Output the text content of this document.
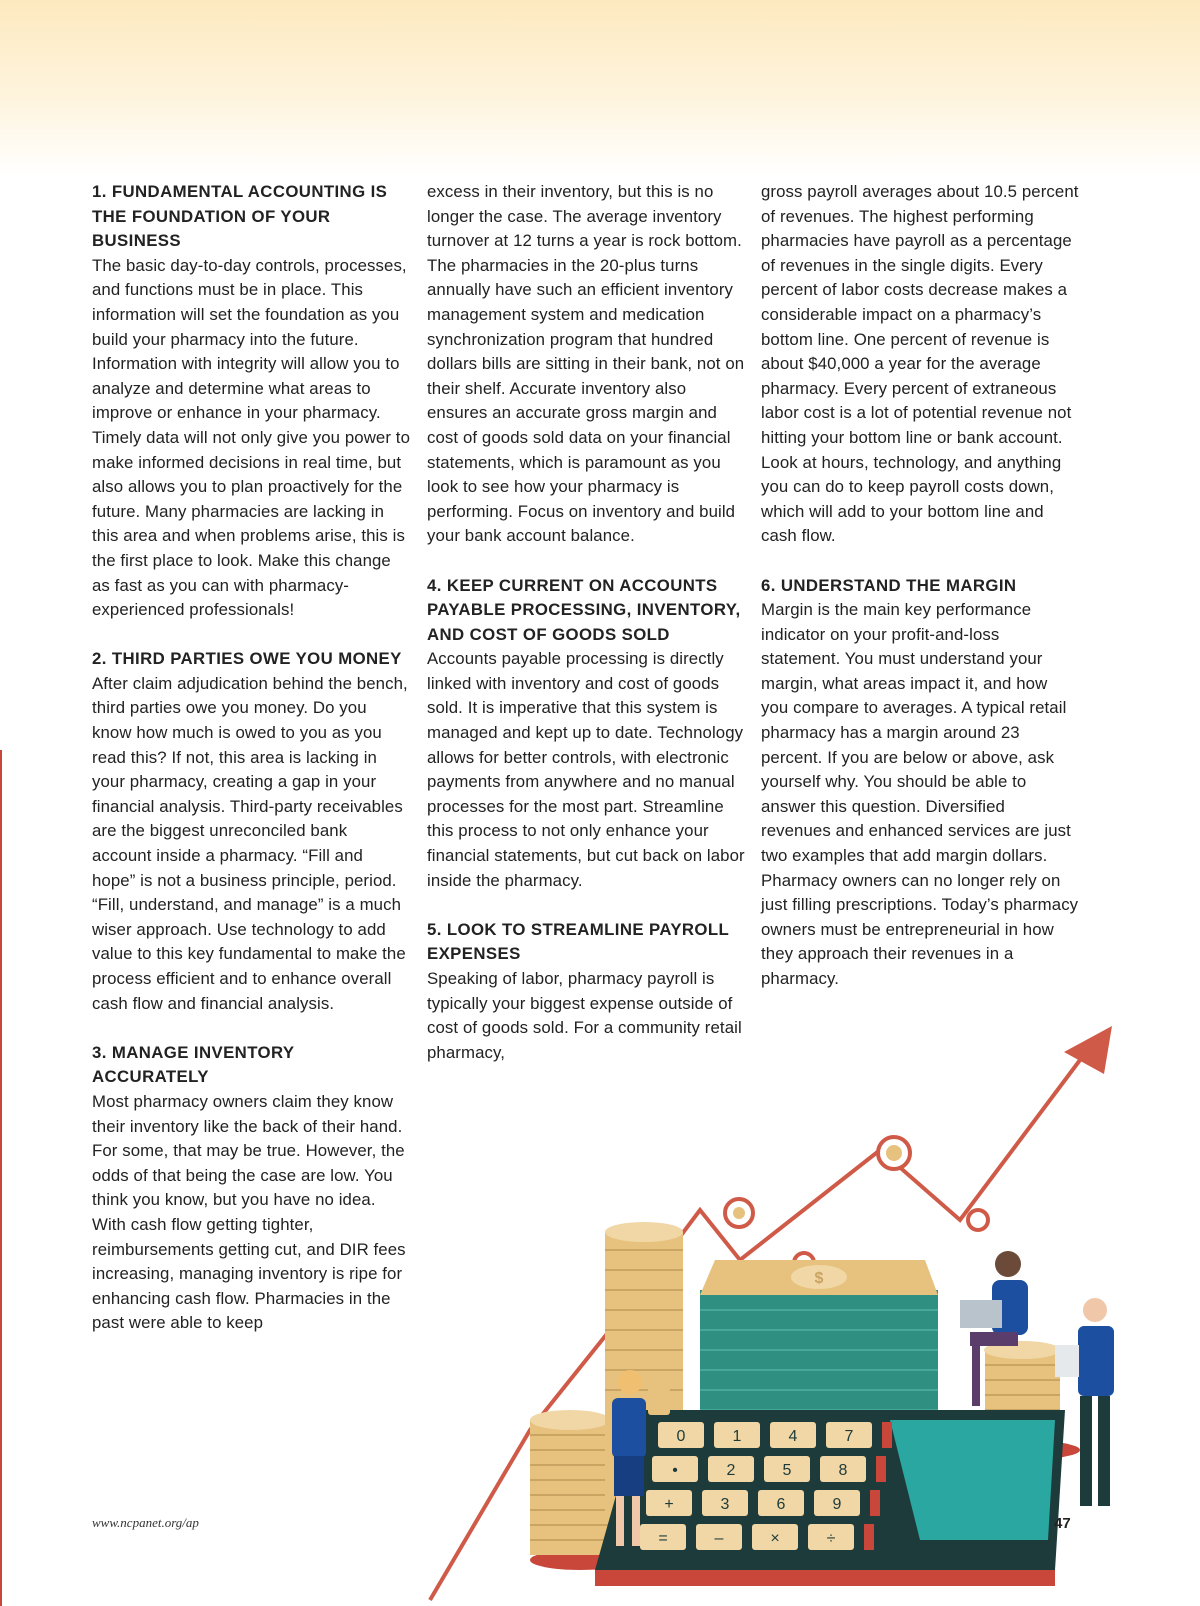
1. FUNDAMENTAL ACCOUNTING IS THE FOUNDATION OF YOUR BUSINESS

The basic day-to-day controls, processes, and functions must be in place. This information will set the foundation as you build your pharmacy into the future. Information with integrity will allow you to analyze and determine what areas to improve or enhance in your pharmacy. Timely data will not only give you power to make informed decisions in real time, but also allows you to plan proactively for the future. Many pharmacies are lacking in this area and when problems arise, this is the first place to look. Make this change as fast as you can with pharmacy-experienced professionals!

2. THIRD PARTIES OWE YOU MONEY

After claim adjudication behind the bench, third parties owe you money. Do you know how much is owed to you as you read this? If not, this area is lacking in your pharmacy, creating a gap in your financial analysis. Third-party receivables are the biggest unreconciled bank account inside a pharmacy. “Fill and hope” is not a business principle, period. “Fill, understand, and manage” is a much wiser approach. Use technology to add value to this key fundamental to make the process efficient and to enhance overall cash flow and financial analysis.

3. MANAGE INVENTORY ACCURATELY

Most pharmacy owners claim they know their inventory like the back of their hand. For some, that may be true. However, the odds of that being the case are low. You think you know, but you have no idea. With cash flow getting tighter, reimbursements getting cut, and DIR fees increasing, managing inventory is ripe for enhancing cash flow. Pharmacies in the past were able to keep

excess in their inventory, but this is no longer the case. The average inventory turnover at 12 turns a year is rock bottom. The pharmacies in the 20-plus turns annually have such an efficient inventory management system and medication synchronization program that hundred dollars bills are sitting in their bank, not on their shelf. Accurate inventory also ensures an accurate gross margin and cost of goods sold data on your financial statements, which is paramount as you look to see how your pharmacy is performing. Focus on inventory and build your bank account balance.

4. KEEP CURRENT ON ACCOUNTS PAYABLE PROCESSING, INVENTORY, AND COST OF GOODS SOLD

Accounts payable processing is directly linked with inventory and cost of goods sold. It is imperative that this system is managed and kept up to date. Technology allows for better controls, with electronic payments from anywhere and no manual processes for the most part. Streamline this process to not only enhance your financial statements, but cut back on labor inside the pharmacy.

5. LOOK TO STREAMLINE PAYROLL EXPENSES

Speaking of labor, pharmacy payroll is typically your biggest expense outside of cost of goods sold. For a community retail pharmacy,

gross payroll averages about 10.5 percent of revenues. The highest performing pharmacies have payroll as a percentage of revenues in the single digits. Every percent of labor costs decrease makes a considerable impact on a pharmacy’s bottom line. One percent of revenue is about $40,000 a year for the average pharmacy. Every percent of extraneous labor cost is a lot of potential revenue not hitting your bottom line or bank account. Look at hours, technology, and anything you can do to keep payroll costs down, which will add to your bottom line and cash flow.

6. UNDERSTAND THE MARGIN

Margin is the main key performance indicator on your profit-and-loss statement. You must understand your margin, what areas impact it, and how you compare to averages. A typical retail pharmacy has a margin around 23 percent. If you are below or above, ask yourself why. You should be able to answer this question. Diversified revenues and enhanced services are just two examples that add margin dollars. Pharmacy owners can no longer rely on just filling prescriptions. Today’s pharmacy owners must be entrepreneurial in how they approach their revenues in a pharmacy.

$
0	1	4	7
•	2	5	8
+	3	6	9
=	–	×	÷
www.ncpanet.org/ap	47
